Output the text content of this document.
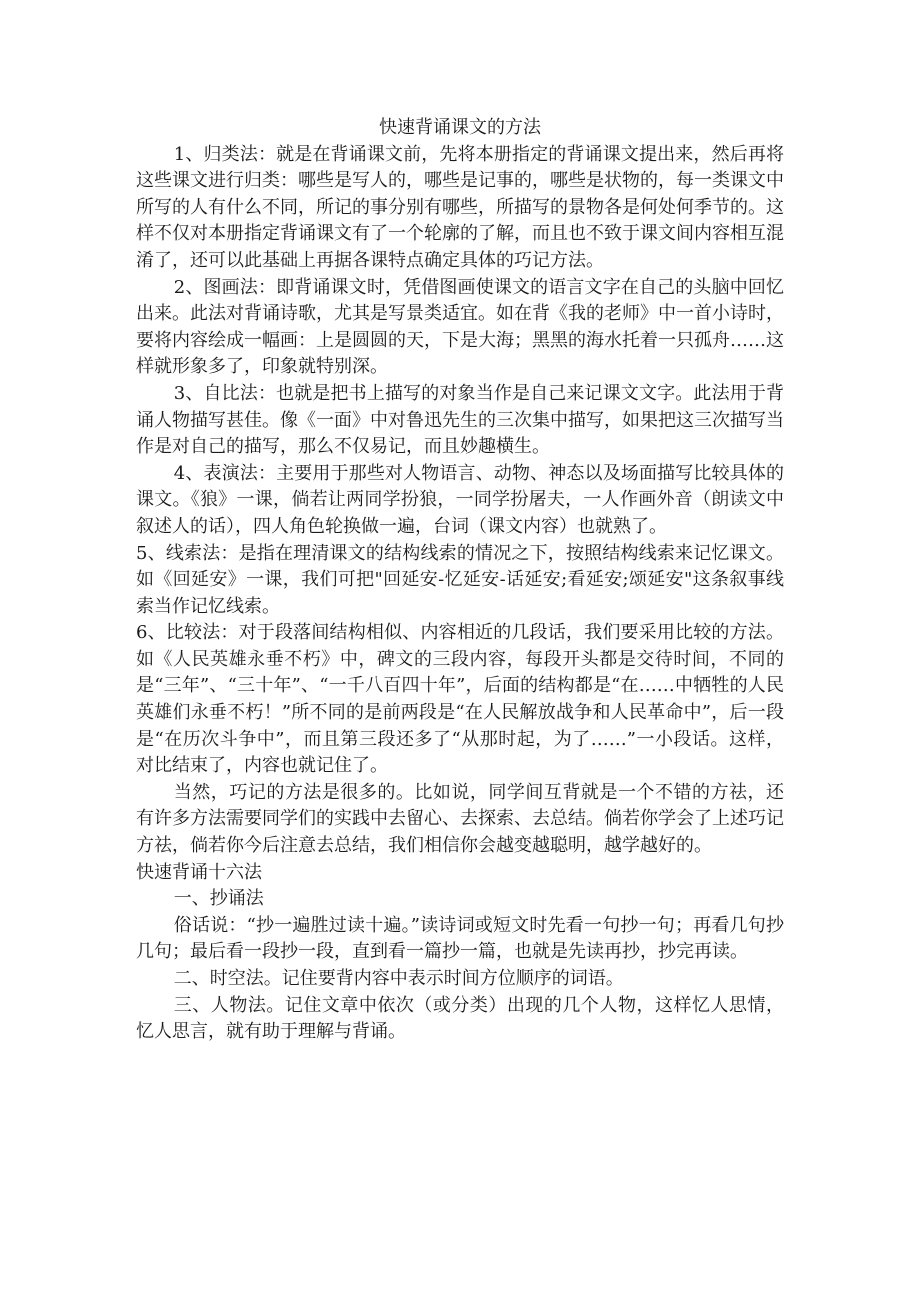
快速背诵课文的方法

1、归类法：就是在背诵课文前，先将本册指定的背诵课文提出来，然后再将这些课文进行归类：哪些是写人的，哪些是记事的，哪些是状物的，每一类课文中所写的人有什么不同，所记的事分别有哪些，所描写的景物各是何处何季节的。这样不仅对本册指定背诵课文有了一个轮廓的了解，而且也不致于课文间内容相互混淆了，还可以此基础上再据各课特点确定具体的巧记方法。

2、图画法：即背诵课文时，凭借图画使课文的语言文字在自己的头脑中回忆出来。此法对背诵诗歌，尤其是写景类适宜。如在背《我的老师》中一首小诗时，要将内容绘成一幅画：上是圆圆的天，下是大海；黑黑的海水托着一只孤舟……这样就形象多了，印象就特别深。

3、自比法：也就是把书上描写的对象当作是自己来记课文文字。此法用于背诵人物描写甚佳。像《一面》中对鲁迅先生的三次集中描写，如果把这三次描写当作是对自己的描写，那么不仅易记，而且妙趣横生。

4、表演法：主要用于那些对人物语言、动物、神态以及场面描写比较具体的课文。《狼》一课，倘若让两同学扮狼，一同学扮屠夫，一人作画外音（朗读文中叙述人的话），四人角色轮换做一遍，台词（课文内容）也就熟了。

5、线索法：是指在理清课文的结构线索的情况之下，按照结构线索来记忆课文。如《回延安》一课，我们可把"回延安-忆延安-话延安;看延安;颂延安"这条叙事线索当作记忆线索。

6、比较法：对于段落间结构相似、内容相近的几段话，我们要采用比较的方法。如《人民英雄永垂不朽》中，碑文的三段内容，每段开头都是交待时间，不同的是“三年”、“三十年”、“一千八百四十年”，后面的结构都是“在……中牺牲的人民英雄们永垂不朽！”所不同的是前两段是“在人民解放战争和人民革命中”，后一段是“在历次斗争中”，而且第三段还多了“从那时起，为了……”一小段话。这样，对比结束了，内容也就记住了。

当然，巧记的方法是很多的。比如说，同学间互背就是一个不错的方祛，还有许多方法需要同学们的实践中去留心、去探索、去总结。倘若你学会了上述巧记方祛，倘若你今后注意去总结，我们相信你会越变越聪明，越学越好的。

快速背诵十六法

一、抄诵法

俗话说：“抄一遍胜过读十遍。”读诗词或短文时先看一句抄一句；再看几句抄几句；最后看一段抄一段，直到看一篇抄一篇，也就是先读再抄，抄完再读。

二、时空法。记住要背内容中表示时间方位顺序的词语。

三、人物法。记住文章中依次（或分类）出现的几个人物，这样忆人思情，忆人思言，就有助于理解与背诵。
